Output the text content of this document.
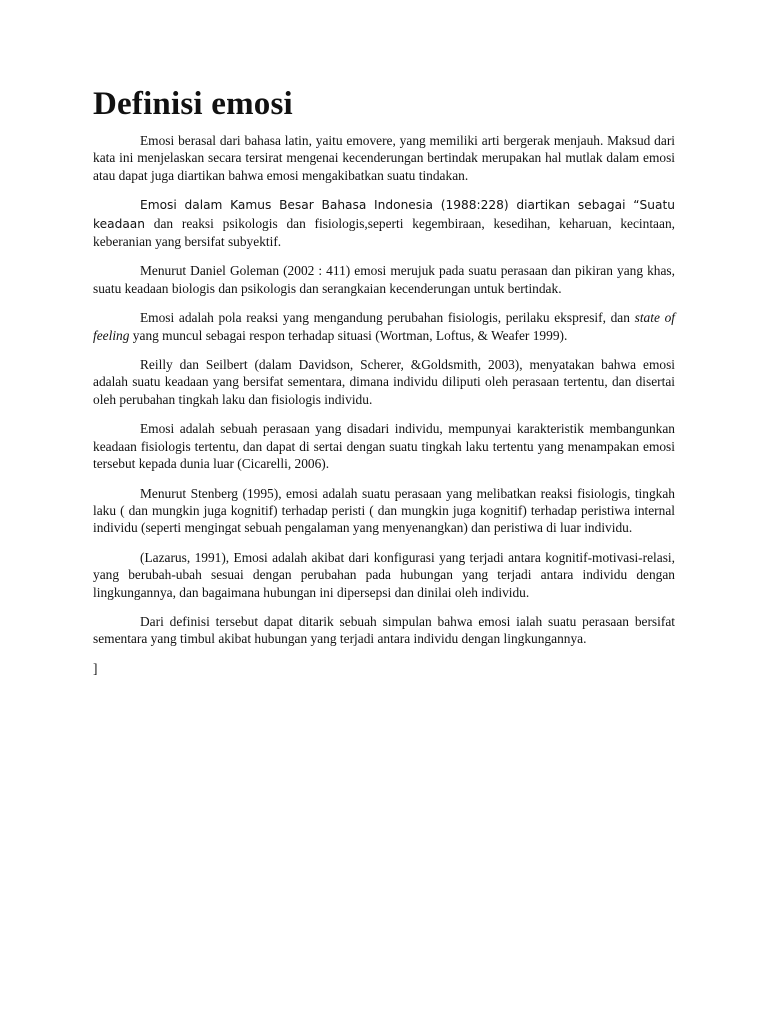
Definisi emosi

Emosi berasal dari bahasa latin, yaitu emovere, yang memiliki arti bergerak menjauh. Maksud dari kata ini menjelaskan secara tersirat mengenai kecenderungan bertindak merupakan hal mutlak dalam emosi atau dapat juga diartikan bahwa emosi mengakibatkan suatu tindakan.

Emosi dalam Kamus Besar Bahasa Indonesia (1988:228) diartikan sebagai “Suatu keadaan dan reaksi psikologis dan fisiologis,seperti kegembiraan, kesedihan, keharuan, kecintaan, keberanian yang bersifat subyektif.

Menurut Daniel Goleman (2002 : 411) emosi merujuk pada suatu perasaan dan pikiran yang khas, suatu keadaan biologis dan psikologis dan serangkaian kecenderungan untuk bertindak.

Emosi adalah pola reaksi yang mengandung perubahan fisiologis, perilaku ekspresif, dan state of feeling yang muncul sebagai respon terhadap situasi (Wortman, Loftus, & Weafer 1999).

Reilly dan Seilbert (dalam Davidson, Scherer, &Goldsmith, 2003), menyatakan bahwa emosi adalah suatu keadaan yang bersifat sementara, dimana individu diliputi oleh perasaan tertentu, dan disertai oleh perubahan tingkah laku dan fisiologis individu.

Emosi adalah sebuah perasaan yang disadari individu, mempunyai karakteristik membangunkan keadaan fisiologis tertentu, dan dapat di sertai dengan suatu tingkah laku tertentu yang menampakan emosi tersebut kepada dunia luar (Cicarelli, 2006).

Menurut Stenberg (1995), emosi adalah suatu perasaan yang melibatkan reaksi fisiologis, tingkah laku ( dan mungkin juga kognitif) terhadap peristi ( dan mungkin juga kognitif) terhadap peristiwa internal individu (seperti mengingat sebuah pengalaman yang menyenangkan) dan peristiwa di luar individu.

(Lazarus, 1991), Emosi adalah akibat dari konfigurasi yang terjadi antara kognitif-motivasi-relasi, yang berubah-ubah sesuai dengan perubahan pada hubungan yang terjadi antara individu dengan lingkungannya, dan bagaimana hubungan ini dipersepsi dan dinilai oleh individu.

Dari definisi tersebut dapat ditarik sebuah simpulan bahwa emosi ialah suatu perasaan bersifat sementara yang timbul akibat hubungan yang terjadi antara individu dengan lingkungannya.

]
